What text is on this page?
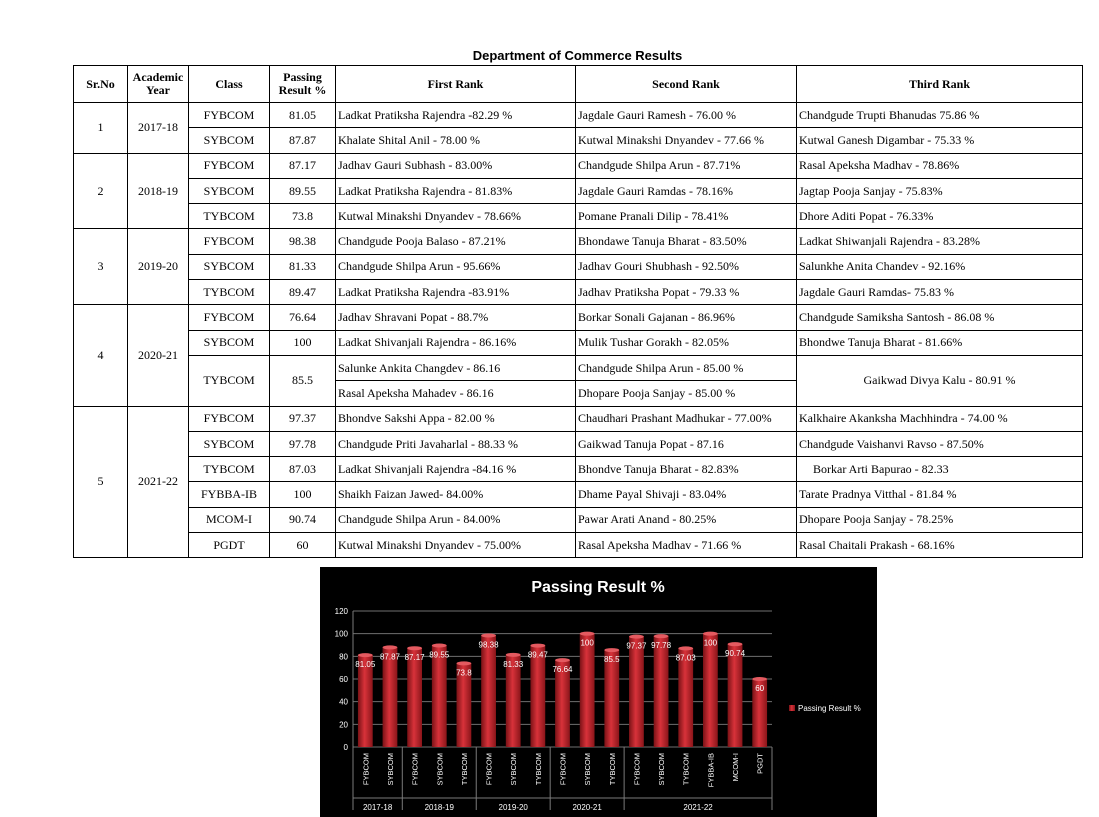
Department of Commerce Results
Sr.No	Academic Year	Class	Passing Result %	First Rank	Second Rank	Third Rank
1	2017-18	FYBCOM	81.05	Ladkat Pratiksha Rajendra -82.29 %	Jagdale Gauri Ramesh - 76.00 %	Chandgude Trupti Bhanudas 75.86 %
		SYBCOM	87.87	Khalate Shital Anil - 78.00 %	Kutwal Minakshi Dnyandev - 77.66 %	Kutwal Ganesh Digambar - 75.33 %
2	2018-19	FYBCOM	87.17	Jadhav Gauri Subhash - 83.00%	Chandgude Shilpa Arun - 87.71%	Rasal Apeksha Madhav - 78.86%
		SYBCOM	89.55	Ladkat Pratiksha Rajendra - 81.83%	Jagdale Gauri Ramdas - 78.16%	Jagtap Pooja Sanjay - 75.83%
		TYBCOM	73.8	Kutwal Minakshi Dnyandev - 78.66%	Pomane Pranali Dilip - 78.41%	Dhore Aditi Popat - 76.33%
3	2019-20	FYBCOM	98.38	Chandgude Pooja Balaso - 87.21%	Bhondawe Tanuja Bharat - 83.50%	Ladkat Shiwanjali Rajendra - 83.28%
		SYBCOM	81.33	Chandgude Shilpa Arun - 95.66%	Jadhav Gouri Shubhash - 92.50%	Salunkhe Anita Chandev - 92.16%
		TYBCOM	89.47	Ladkat Pratiksha Rajendra -83.91%	Jadhav Pratiksha Popat - 79.33 %	Jagdale Gauri Ramdas- 75.83 %
4	2020-21	FYBCOM	76.64	Jadhav Shravani Popat - 88.7%	Borkar Sonali Gajanan - 86.96%	Chandgude Samiksha Santosh - 86.08 %
		SYBCOM	100	Ladkat Shivanjali Rajendra - 86.16%	Mulik Tushar Gorakh - 82.05%	Bhondwe Tanuja Bharat - 81.66%
		TYBCOM	85.5	Salunke Ankita Changdev - 86.16	Chandgude Shilpa Arun - 85.00 %	Gaikwad Divya Kalu - 80.91 %
				Rasal Apeksha Mahadev - 86.16	Dhopare Pooja Sanjay - 85.00 %	
5	2021-22	FYBCOM	97.37	Bhondve Sakshi Appa - 82.00 %	Chaudhari Prashant Madhukar - 77.00%	Kalkhaire Akanksha Machhindra - 74.00 %
		SYBCOM	97.78	Chandgude Priti Javaharlal - 88.33 %	Gaikwad Tanuja Popat - 87.16	Chandgude Vaishanvi Ravso - 87.50%
		TYBCOM	87.03	Ladkat Shivanjali Rajendra -84.16 %	Bhondve Tanuja Bharat - 82.83%	Borkar Arti Bapurao - 82.33
		FYBBA-IB	100	Shaikh Faizan Jawed- 84.00%	Dhame Payal Shivaji - 83.04%	Tarate Pradnya Vitthal - 81.84 %
		MCOM-I	90.74	Chandgude Shilpa Arun - 84.00%	Pawar Arati Anand - 80.25%	Dhopare Pooja Sanjay - 78.25%
		PGDT	60	Kutwal Minakshi Dnyandev - 75.00%	Rasal Apeksha Madhav - 71.66 %	Rasal Chaitali Prakash - 68.16%
Passing Result %
81.05
87.87 87.17 89.55
73.8
98.38
81.33
89.47
76.64
100
85.5
97.37 97.78
87.03
100
90.74
60
0
20
40
60
80
100
120
FYBCOM SYBCOM
2017-18
FYBCOM SYBCOM TYBCOM
2018-19
FYBCOM SYBCOM TYBCOM
2019-20
FYBCOM SYBCOM TYBCOM
2020-21
FYBCOM SYBCOM TYBCOM FYBBA-IB MCOM-I PGDT
2021-22
Passing Result %
